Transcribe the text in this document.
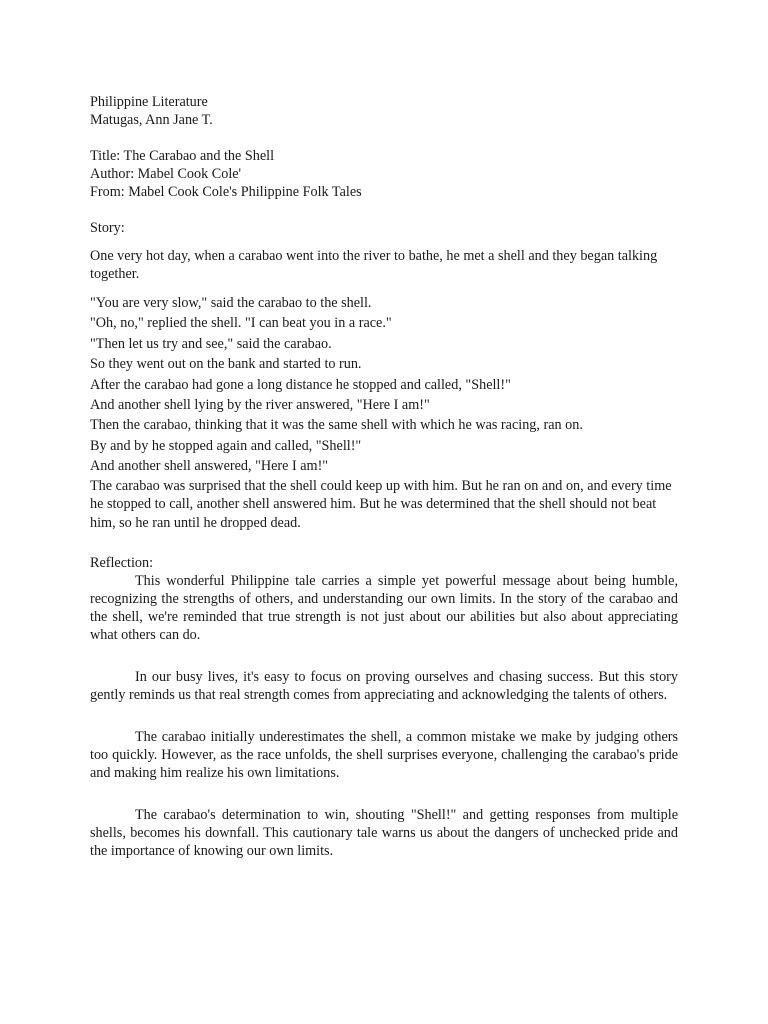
Philippine Literature
Matugas, Ann Jane T.
Title: The Carabao and the Shell
Author: Mabel Cook Cole'
From: Mabel Cook Cole's Philippine Folk Tales
Story:

One very hot day, when a carabao went into the river to bathe, he met a shell and they began talking together.

"You are very slow," said the carabao to the shell.
"Oh, no," replied the shell. "I can beat you in a race."
"Then let us try and see," said the carabao.
So they went out on the bank and started to run.
After the carabao had gone a long distance he stopped and called, "Shell!"
And another shell lying by the river answered, "Here I am!"
Then the carabao, thinking that it was the same shell with which he was racing, ran on.
By and by he stopped again and called, "Shell!"
And another shell answered, "Here I am!"

The carabao was surprised that the shell could keep up with him. But he ran on and on, and every time he stopped to call, another shell answered him. But he was determined that the shell should not beat him, so he ran until he dropped dead.

Reflection:

This wonderful Philippine tale carries a simple yet powerful message about being humble, recognizing the strengths of others, and understanding our own limits. In the story of the carabao and the shell, we're reminded that true strength is not just about our abilities but also about appreciating what others can do.

In our busy lives, it's easy to focus on proving ourselves and chasing success. But this story gently reminds us that real strength comes from appreciating and acknowledging the talents of others.

The carabao initially underestimates the shell, a common mistake we make by judging others too quickly. However, as the race unfolds, the shell surprises everyone, challenging the carabao's pride and making him realize his own limitations.

The carabao's determination to win, shouting "Shell!" and getting responses from multiple shells, becomes his downfall. This cautionary tale warns us about the dangers of unchecked pride and the importance of knowing our own limits.
